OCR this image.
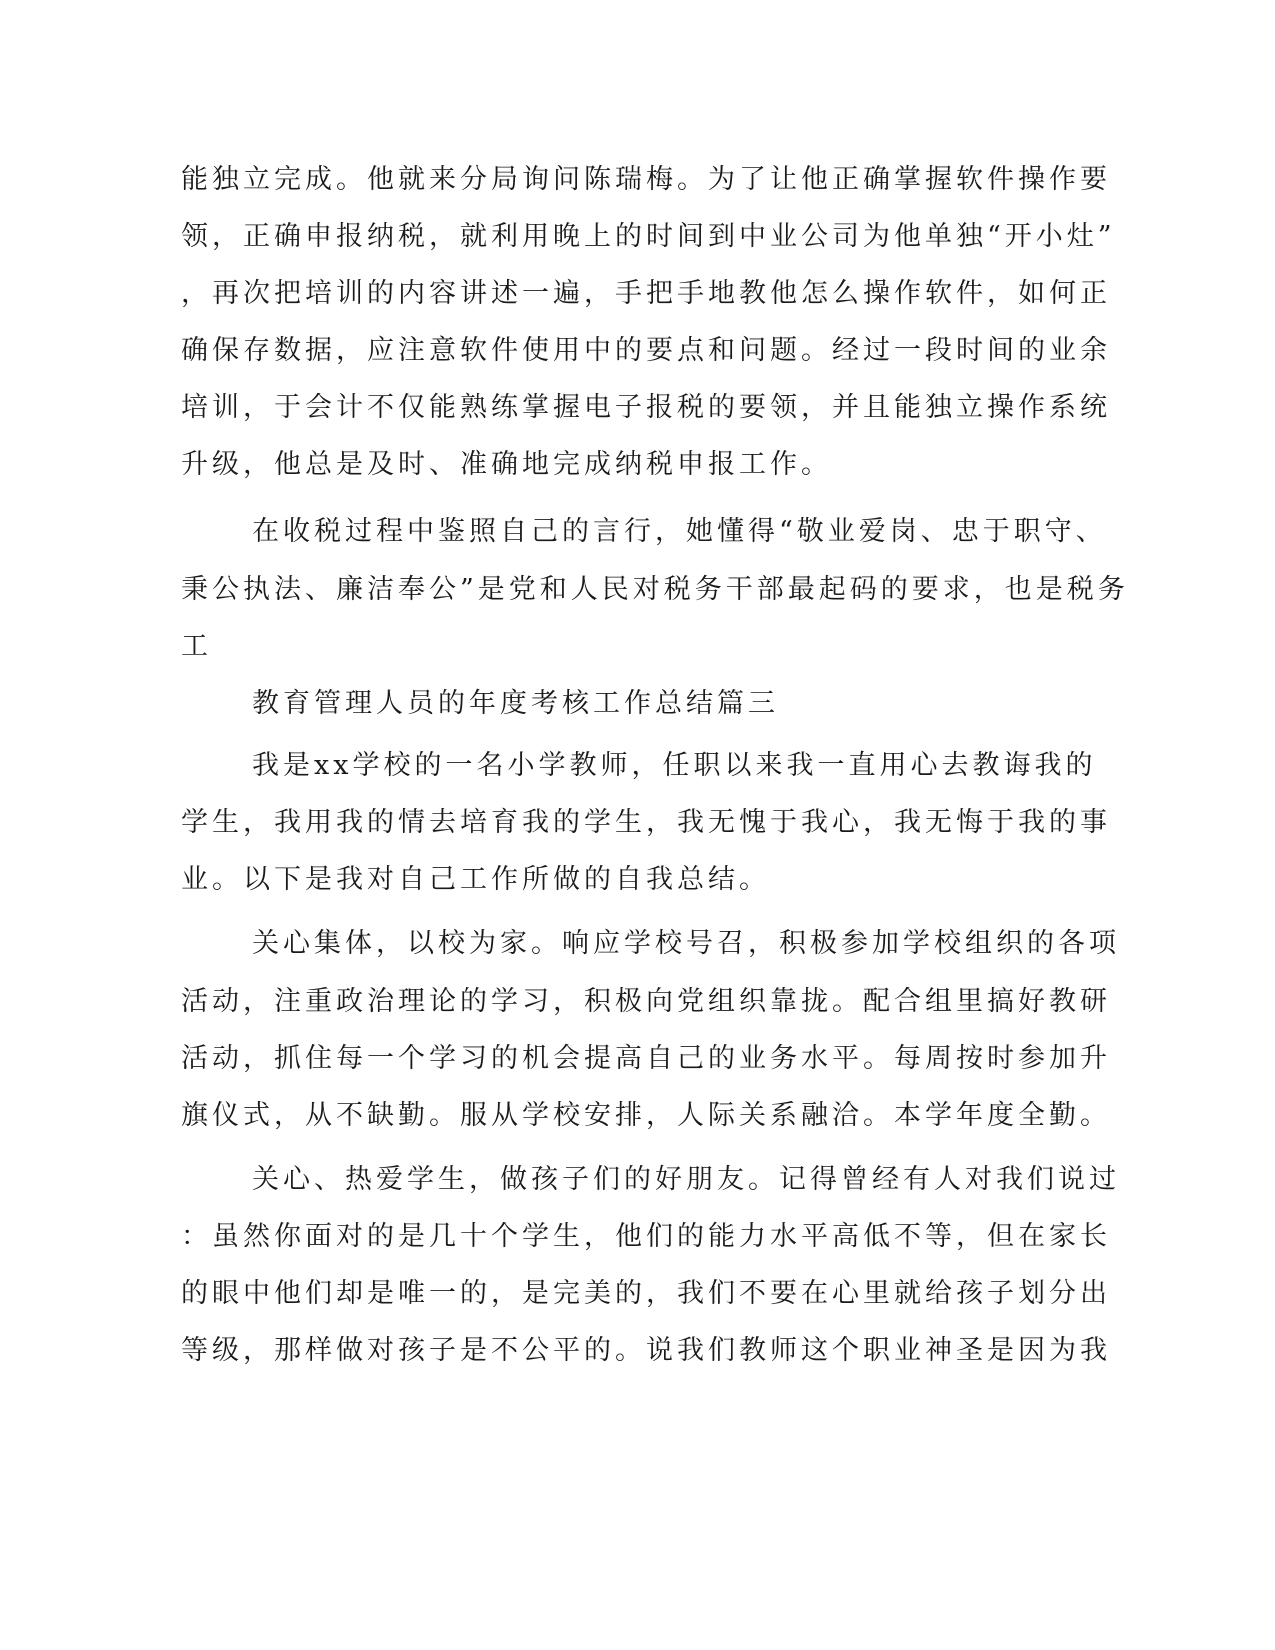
能独立完成。他就来分局询问陈瑞梅。为了让他正确掌握软件操作要
领，正确申报纳税，就利用晚上的时间到中业公司为他单独“开小灶”
，再次把培训的内容讲述一遍，手把手地教他怎么操作软件，如何正
确保存数据，应注意软件使用中的要点和问题。经过一段时间的业余
培训，于会计不仅能熟练掌握电子报税的要领，并且能独立操作系统
升级，他总是及时、准确地完成纳税申报工作。
在收税过程中鉴照自己的言行，她懂得“敬业爱岗、忠于职守、
秉公执法、廉洁奉公”是党和人民对税务干部最起码的要求，也是税务
工
教育管理人员的年度考核工作总结篇三
我是xx学校的一名小学教师，任职以来我一直用心去教诲我的
学生，我用我的情去培育我的学生，我无愧于我心，我无悔于我的事
业。以下是我对自己工作所做的自我总结。
关心集体，以校为家。响应学校号召，积极参加学校组织的各项
活动，注重政治理论的学习，积极向党组织靠拢。配合组里搞好教研
活动，抓住每一个学习的机会提高自己的业务水平。每周按时参加升
旗仪式，从不缺勤。服从学校安排，人际关系融洽。本学年度全勤。
关心、热爱学生，做孩子们的好朋友。记得曾经有人对我们说过
：虽然你面对的是几十个学生，他们的能力水平高低不等，但在家长
的眼中他们却是唯一的，是完美的，我们不要在心里就给孩子划分出
等级，那样做对孩子是不公平的。说我们教师这个职业神圣是因为我
